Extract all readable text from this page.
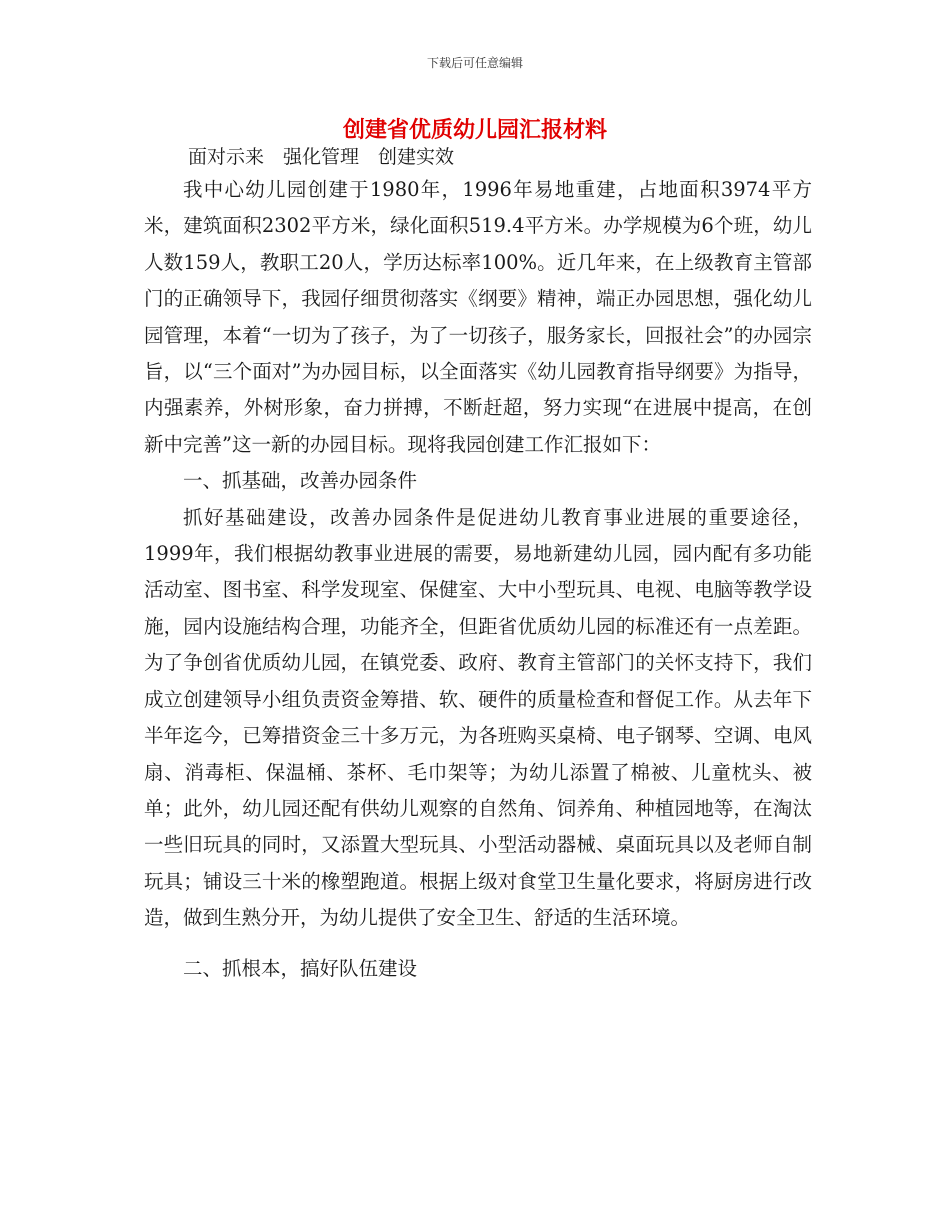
下载后可任意编辑
创建省优质幼儿园汇报材料
面对示来　强化管理　创建实效

我中心幼儿园创建于1980年，1996年易地重建，占地面积3974平方米，建筑面积2302平方米，绿化面积519.4平方米。办学规模为6个班，幼儿人数159人，教职工20人，学历达标率100%。近几年来，在上级教育主管部门的正确领导下，我园仔细贯彻落实《纲要》精神，端正办园思想，强化幼儿园管理，本着“一切为了孩子，为了一切孩子，服务家长，回报社会”的办园宗旨，以“三个面对”为办园目标，以全面落实《幼儿园教育指导纲要》为指导，内强素养，外树形象，奋力拼搏，不断赶超，努力实现“在进展中提高，在创新中完善”这一新的办园目标。现将我园创建工作汇报如下：

一、抓基础，改善办园条件

抓好基础建设，改善办园条件是促进幼儿教育事业进展的重要途径，1999年，我们根据幼教事业进展的需要，易地新建幼儿园，园内配有多功能活动室、图书室、科学发现室、保健室、大中小型玩具、电视、电脑等教学设施，园内设施结构合理，功能齐全，但距省优质幼儿园的标准还有一点差距。为了争创省优质幼儿园，在镇党委、政府、教育主管部门的关怀支持下，我们成立创建领导小组负责资金筹措、软、硬件的质量检查和督促工作。从去年下半年迄今，已筹措资金三十多万元，为各班购买桌椅、电子钢琴、空调、电风扇、消毒柜、保温桶、茶杯、毛巾架等；为幼儿添置了棉被、儿童枕头、被单；此外，幼儿园还配有供幼儿观察的自然角、饲养角、种植园地等，在淘汰一些旧玩具的同时，又添置大型玩具、小型活动器械、桌面玩具以及老师自制玩具；铺设三十米的橡塑跑道。根据上级对食堂卫生量化要求，将厨房进行改造，做到生熟分开，为幼儿提供了安全卫生、舒适的生活环境。

二、抓根本，搞好队伍建设
